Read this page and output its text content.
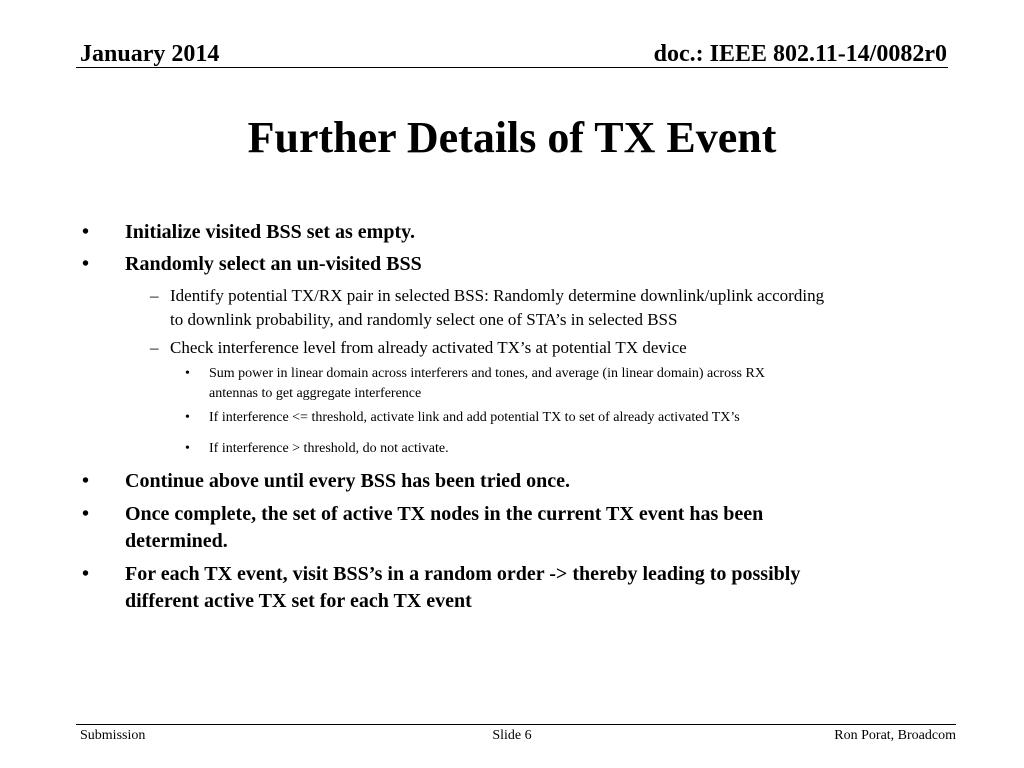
January 2014	doc.: IEEE 802.11-14/0082r0
Further Details of TX Event
• Initialize visited BSS set as empty.
• Randomly select an un-visited BSS
– Identify potential TX/RX pair in selected BSS: Randomly determine downlink/uplink according
to downlink probability, and randomly select one of STA’s in selected BSS
– Check interference level from already activated TX’s at potential TX device
• Sum power in linear domain across interferers and tones, and average (in linear domain) across RX
antennas to get aggregate interference
• If interference <= threshold, activate link and add potential TX to set of already activated TX’s
• If interference > threshold, do not activate.
• Continue above until every BSS has been tried once.
• Once complete, the set of active TX nodes in the current TX event has been
determined.
• For each TX event, visit BSS’s in a random order -> thereby leading to possibly
different active TX set for each TX event
Submission	Slide 6	Ron Porat, Broadcom
